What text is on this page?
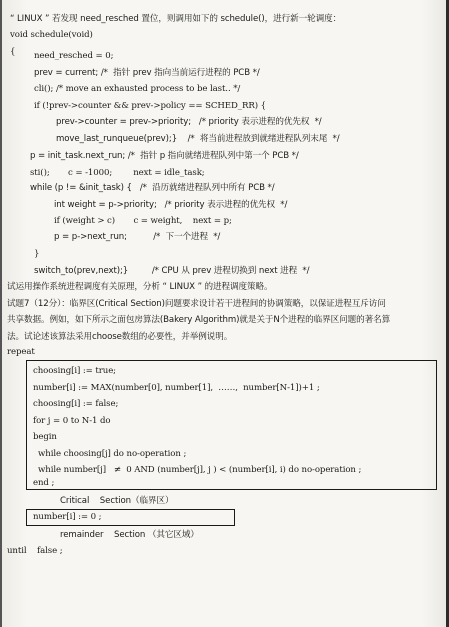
“ LINUX ” 若发现 need_resched 置位，则调用如下的 schedule()，进行新一轮调度：
void schedule(void)
{ need_resched = 0;
prev = current; /*  指针 prev 指向当前运行进程的 PCB */
cli(); /* move an exhausted process to be last.. */
if (!prev->counter && prev->policy == SCHED_RR) {
prev->counter = prev->priority;   /* priority 表示进程的优先权  */
move_last_runqueue(prev);}    /*  将当前进程放到就绪进程队列末尾  */
p = init_task.next_run; /*  指针 p 指向就绪进程队列中第一个 PCB */
sti();       c = -1000;        next = idle_task;
while (p != &init_task) {   /*  沿历就绪进程队列中所有 PCB */
int weight = p->priority;   /* priority 表示进程的优先权  */
if (weight > c)       c = weight,    next = p;
p = p->next_run;          /*  下一个进程  */
}
switch_to(prev,next);}         /* CPU 从 prev 进程切换到 next 进程  */
试运用操作系统进程调度有关原理，分析 “ LINUX ” 的进程调度策略。
试题7（12分）：临界区(Critical Section)问题要求设计若干进程间的协调策略，以保证进程互斥访问
共享数据。例如，如下所示之面包房算法(Bakery Algorithm)就是关于N个进程的临界区问题的著名算
法。试论述该算法采用choose数组的必要性，并举例说明。
repeat
choosing[i] := true;
number[i] := MAX(number[0], number[1],  ……,  number[N-1])+1 ;
choosing[i] := false;
for j = 0 to N-1 do
begin
while choosing[j] do no-operation ;
while number[j]   ≠  0 AND (number[j], j ) < (number[i], i) do no-operation ;
end ;
Critical    Section（临界区）
number[i] := 0 ;
remainder    Section （其它区域）
until    false ;
